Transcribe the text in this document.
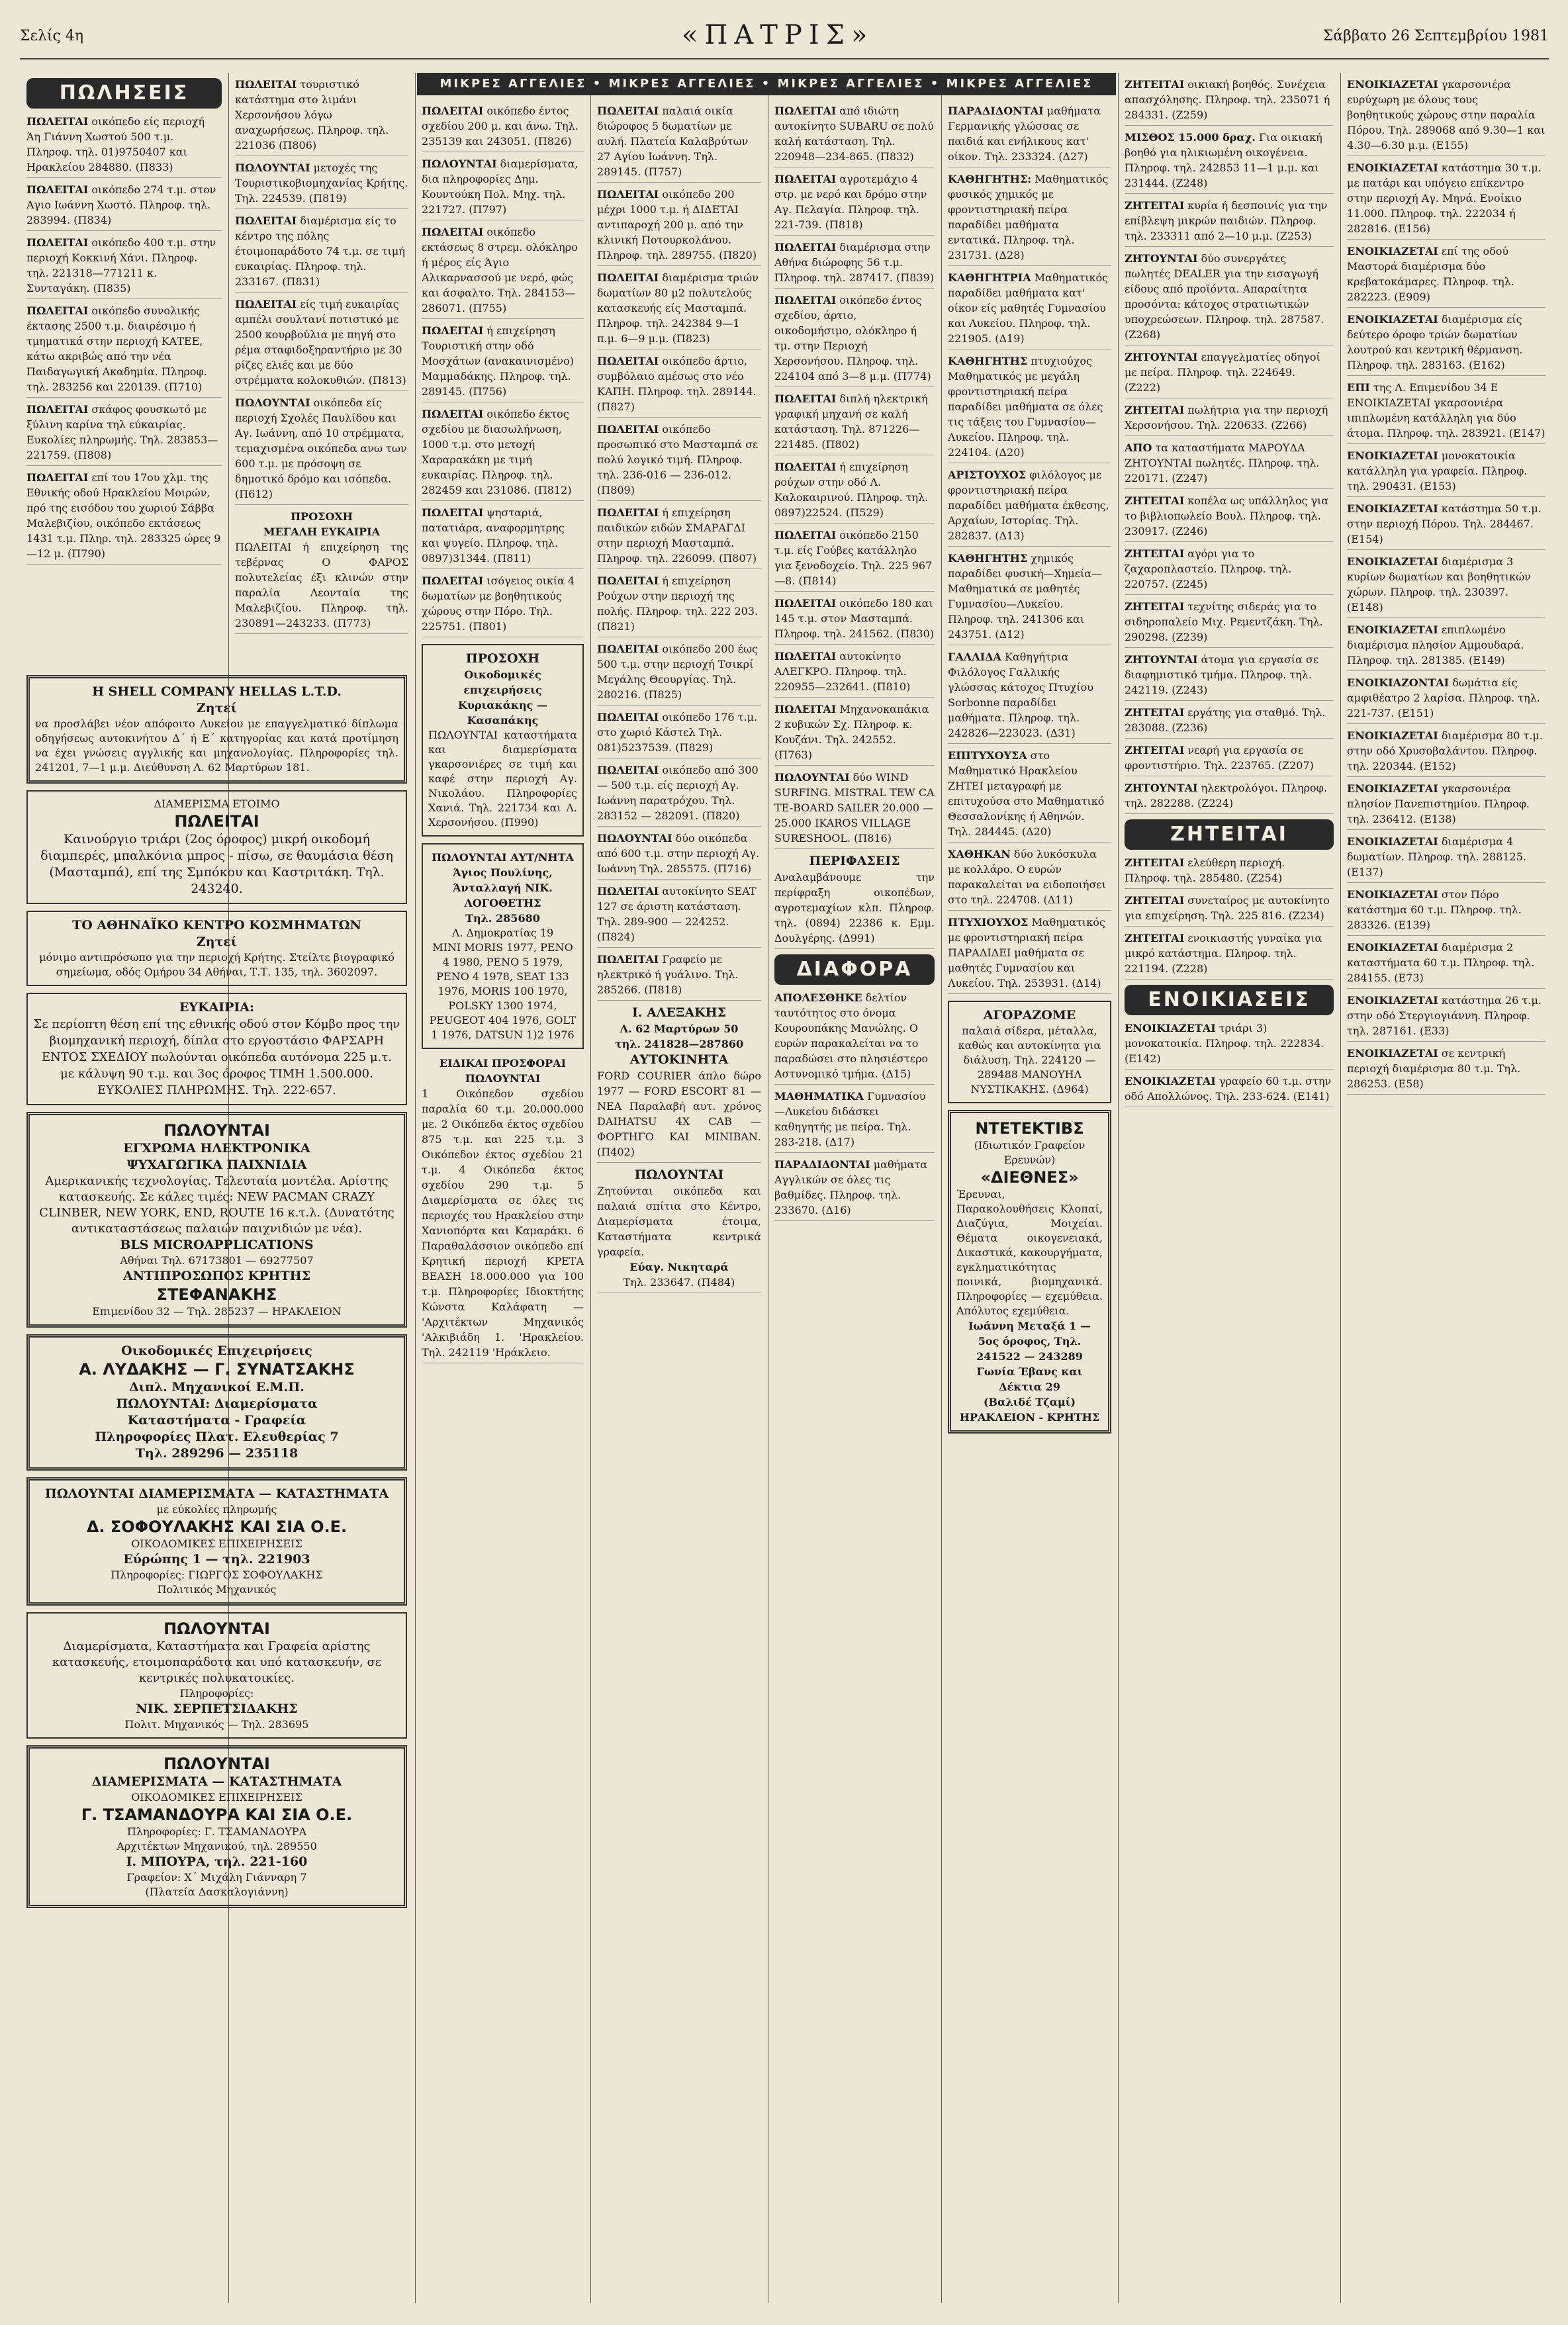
Σελίς 4η	«ΠΑΤΡΙΣ»	Σάββατο 26 Σεπτεμβρίου 1981
ΜΙΚΡΕΣ ΑΓΓΕΛΙΕΣ • ΜΙΚΡΕΣ ΑΓΓΕΛΙΕΣ • ΜΙΚΡΕΣ ΑΓΓΕΛΙΕΣ • ΜΙΚΡΕΣ ΑΓΓΕΛΙΕΣ
ΠΩΛΗΣΕΙΣ
ΠΩΛΕΙΤΑΙ οικόπεδο είς περιοχή Άη Γιάννη Χωστού 500 τ.μ. Πληροφ. τηλ. 01)9750407 και Ηρακλείου 284880. (Π833)
ΠΩΛΕΙΤΑΙ οικόπεδο 274 τ.μ. στον Αγιο Ιωάννη Χωστό. Πληροφ. τηλ. 283994. (Π834)
ΠΩΛΕΙΤΑΙ οικόπεδο 400 τ.μ. στην περιοχή Κοκκινή Χάνι. Πληροφ. τηλ. 221318—771211 κ. Συνταγάκη. (Π835)
ΠΩΛΕΙΤΑΙ οικόπεδο συνολικής έκτασης 2500 τ.μ. διαιρέσιμο ή τμηματικά στην περιοχή ΚΑΤΕΕ, κάτω ακριβώς από την νέα Παιδαγωγική Ακαδημία. Πληροφ. τηλ. 283256 και 220139. (Π710)
ΠΩΛΕΙΤΑΙ σκάφος φουσκωτό με ξύλινη καρίνα τηλ εύκαιρίας. Ευκολίες πληρωμής. Τηλ. 283853—221759. (Π808)
ΠΩΛΕΙΤΑΙ επί του 17ου χλμ. της Εθνικής οδού Ηρακλείου Μοιρών, πρό της εισόδου του χωριού Σάββα Μαλεβιζίου, οικόπεδο εκτάσεως 1431 τ.μ. Πληρ. τηλ. 283325 ώρες 9—12 μ. (Π790)
Η SHELL COMPANY HELLAS L.T.D.
Ζητεί
να προσλάβει νέον απόφοιτο Λυκείου με επαγγελματικό δίπλωμα οδηγήσεως αυτοκινήτου Δ΄ ή Ε΄ κατηγορίας και κατά προτίμηση να έχει γνώσεις αγγλικής και μηχανολογίας. Πληροφορίες τηλ. 241201, 7—1 μ.μ. Διεύθυνση Λ. 62 Μαρτύρων 181.
ΔΙΑΜΕΡΙΣΜΑ ΕΤΟΙΜΟ
ΠΩΛΕΙΤΑΙ
Καινούργιο τριάρι (2ος όροφος) μικρή οικοδομή διαμπερές, μπαλκόνια μπρος - πίσω, σε θαυμάσια θέση (Μασταμπά), επί της Σμπόκου και Καστριτάκη. Τηλ. 243240.
ΤΟ ΑΘΗΝΑΪΚΟ ΚΕΝΤΡΟ ΚΟΣΜΗΜΑΤΩΝ
Ζητεί
μόνιμο αντιπρόσωπο για την περιοχή Κρήτης. Στείλτε βιογραφικό σημείωμα, οδός Ομήρου 34 Αθήναι, Τ.Τ. 135, τηλ. 3602097.
ΕΥΚΑΙΡΙΑ:
Σε περίοπτη θέση επί της εθνικής οδού στον Κόμβο προς την βιομηχανική περιοχή, δίπλα στο εργοστάσιο ΦΑΡΣΑΡΗ ΕΝΤΟΣ ΣΧΕΔΙΟΥ πωλούνται οικόπεδα αυτόνομα 225 μ.τ. με κάλυψη 90 τ.μ. και 3ος όροφος ΤΙΜΗ 1.500.000. ΕΥΚΟΛΙΕΣ ΠΛΗΡΩΜΗΣ. Τηλ. 222-657.
ΠΩΛΟΥΝΤΑΙ
ΕΓΧΡΩΜΑ ΗΛΕΚΤΡΟΝΙΚΑ
ΨΥΧΑΓΩΓΙΚΑ ΠΑΙΧΝΙΔΙΑ
Αμερικανικής τεχνολογίας. Τελευταία μοντέλα. Αρίστης κατασκευής. Σε κάλες τιμές: NEW PACMAN CRAZY CLINBER, NEW YORK, END, ROUTE 16 κ.τ.λ. (Δυνατότης αντικαταστάσεως παλαιών παιχνιδιών με νέα).
BLS MICROAPPLICATIONS
Αθήναι Τηλ. 67173801 — 69277507
ΑΝΤΙΠΡΟΣΩΠΟΣ ΚΡΗΤΗΣ
ΣΤΕΦΑΝΑΚΗΣ
Επιμενίδου 32 — Τηλ. 285237 — ΗΡΑΚΛΕΙΟΝ
Οικοδομικές Επιχειρήσεις
Α. ΛΥΔΑΚΗΣ — Γ. ΣΥΝΑΤΣΑΚΗΣ
Διπλ. Μηχανικοί Ε.Μ.Π.
ΠΩΛΟΥΝΤΑΙ: Διαμερίσματα
Καταστήματα - Γραφεία
Πληροφορίες Πλατ. Ελευθερίας 7
Τηλ. 289296 — 235118
ΠΩΛΟΥΝΤΑΙ ΔΙΑΜΕΡΙΣΜΑΤΑ — ΚΑΤΑΣΤΗΜΑΤΑ
με εύκολίες πληρωμής
Δ. ΣΟΦΟΥΛΑΚΗΣ ΚΑΙ ΣΙΑ Ο.Ε.
ΟΙΚΟΔΟΜΙΚΕΣ ΕΠΙΧΕΙΡΗΣΕΙΣ
Εύρώπης 1 — τηλ. 221903
Πληροφορίες: ΓΙΩΡΓΟΣ ΣΟΦΟΥΛΑΚΗΣ
Πολιτικός Μηχανικός
ΠΩΛΟΥΝΤΑΙ
Διαμερίσματα, Καταστήματα και Γραφεία αρίστης κατασκευής, ετοιμοπαράδοτα και υπό κατασκευήν, σε κεντρικές πολυκατοικίες.
Πληροφορίες:
ΝΙΚ. ΣΕΡΠΕΤΣΙΔΑΚΗΣ
Πολιτ. Μηχανικός — Τηλ. 283695
ΠΩΛΟΥΝΤΑΙ
ΔΙΑΜΕΡΙΣΜΑΤΑ — ΚΑΤΑΣΤΗΜΑΤΑ
ΟΙΚΟΔΟΜΙΚΕΣ ΕΠΙΧΕΙΡΗΣΕΙΣ
Γ. ΤΣΑΜΑΝΔΟΥΡΑ ΚΑΙ ΣΙΑ Ο.Ε.
Πληροφορίες: Γ. ΤΣΑΜΑΝΔΟΥΡΑ
Αρχιτέκτων Μηχανικού, τηλ. 289550
Ι. ΜΠΟΥΡΑ, τηλ. 221-160
Γραφείον: Χ΄ Μιχάλη Γιάνναρη 7
(Πλατεία Δασκαλογιάννη)
ΠΩΛΕΙΤΑΙ τουριστικό κατάστημα στο λιμάνι Χερσονήσου λόγω αναχωρήσεως. Πληροφ. τηλ. 221036 (Π806)
ΠΩΛΟΥΝΤΑΙ μετοχές της Τουριστικοβιομηχανίας Κρήτης. Τηλ. 224539. (Π819)
ΠΩΛΕΙΤΑΙ διαμέρισμα είς το κέντρο της πόλης έτοιμοπαράδοτο 74 τ.μ. σε τιμή ευκαιρίας. Πληροφ. τηλ. 233167. (Π831)
ΠΩΛΕΙΤΑΙ είς τιμή ευκαιρίας αμπέλι σουλτανί ποτιστικό με 2500 κουρβούλια με πηγή στο ρέμα σταφιδοξηραντήριο με 30 ρίζες ελιές και με δύο στρέμματα κολοκυθιών. (Π813)
ΠΩΛΟΥΝΤΑΙ οικόπεδα είς περιοχή Σχολές Παυλίδου και Αγ. Ιωάννη, από 10 στρέμματα, τεμαχισμένα οικόπεδα ανω των 600 τ.μ. με πρόσοψη σε δημοτικό δρόμο και ισόπεδα. (Π612)
ΠΡΟΣΟΧΗ
ΜΕΓΑΛΗ ΕΥΚΑΙΡΙΑ
ΠΩΛΕΙΤΑΙ ή επιχείρηση της τεβέρνας Ο ΦΑΡΟΣ πολυτελείας έξι κλινών στην παραλία Λεονταία της Μαλεβιζίου. Πληροφ. τηλ. 230891—243233. (Π773)
ΠΩΛΕΙΤΑΙ οικόπεδο έντος σχεδίου 200 μ. και άνω. Τηλ. 235139 και 243051. (Π826)
ΠΩΛΟΥΝΤΑΙ διαμερίσματα, δια πληροφορίες Δημ. Κουντούκη Πολ. Μηχ. τηλ. 221727. (Π797)
ΠΩΛΕΙΤΑΙ οικόπεδο εκτάσεως 8 στρεμ. ολόκληρο ή μέρος είς Άγιο Αλικαρνασσού με νερό, φώς και άσφαλτο. Τηλ. 284153—286071. (Π755)
ΠΩΛΕΙΤΑΙ ή επιχείρηση Τουριστική στην οδό Μοσχάτων (ανακαινισμένο) Μαμμαδάκης. Πληροφ. τηλ. 289145. (Π756)
ΠΩΛΕΙΤΑΙ οικόπεδο έκτος σχεδίου με διασωλήνωση, 1000 τ.μ. στο μετοχή Χαραρακάκη με τιμή ευκαιρίας. Πληροφ. τηλ. 282459 και 231086. (Π812)
ΠΩΛΕΙΤΑΙ ψησταριά, πατατιάρα, αναφορμητρης και ψυγείο. Πληροφ. τηλ. 0897)31344. (Π811)
ΠΩΛΕΙΤΑΙ ισόγειος οικία 4 δωματίων με βοηθητικούς χώρους στην Πόρο. Τηλ. 225751. (Π801)
ΠΡΟΣΟΧΗ
Οικοδομικές επιχειρήσεις Κυριακάκης — Κασαπάκης
ΠΩΛΟΥΝΤΑΙ καταστήματα και διαμερίσματα γκαρσονιέρες σε τιμή και καφέ στην περιοχή Αγ. Νικολάου. Πληροφορίες Χανιά. Τηλ. 221734 και Λ. Χερσονήσου. (Π990)
ΠΩΛΟΥΝΤΑΙ ΑΥΤ/ΝΗΤΑ
Άγιος Πουλίνης, Άνταλλαγή ΝΙΚ. ΛΟΓΟΘΕΤΗΣ
Τηλ. 285680
Λ. Δημοκρατίας 19
MINI MORIS 1977, PENO 4 1980, PENO 5 1979, PENO 4 1978, SEAT 133 1976, MORIS 100 1970, POLSKY 1300 1974, PEUGEOT 404 1976, GOLT 1 1976, DATSUN 1)2 1976
ΕΙΔΙΚΑΙ ΠΡΟΣΦΟΡΑΙ ΠΩΛΟΥΝΤΑΙ
1 Οικόπεδον σχεδίου παραλία 60 τ.μ. 20.000.000 με. 2 Οικόπεδα έκτος σχεδίου 875 τ.μ. και 225 τ.μ. 3 Οικόπεδον έκτος σχεδίου 21 τ.μ. 4 Οικόπεδα έκτος σχεδίου 290 τ.μ. 5 Διαμερίσματα σε όλες τις περιοχές του Ηρακλείου στην Χανιοπόρτα και Καμαράκι. 6 Παραθαλάσσιον οικόπεδο επί Κρητική περιοχή ΚΡΕΤΑ ΒΕΑΣΗ 18.000.000 για 100 τ.μ. Πληροφορίες Ιδιοκτήτης Κώνστα Καλάφατη — 'Αρχιτέκτων Μηχανικός 'Αλκιβιάδη 1. 'Ηρακλείου. Τηλ. 242119 'Ηράκλειο.
ΠΩΛΕΙΤΑΙ παλαιά οικία διώροφος 5 δωματίων με αυλή. Πλατεία Καλαβρύτων 27 Αγίου Ιωάννη. Τηλ. 289145. (Π757)
ΠΩΛΕΙΤΑΙ οικόπεδο 200 μέχρι 1000 τ.μ. ή ΔΙΔΕΤΑΙ αντιπαροχή 200 μ. από την κλινική Ποτουρκολάνου. Πληροφ. τηλ. 289755. (Π820)
ΠΩΛΕΙΤΑΙ διαμέρισμα τριών δωματίων 80 μ2 πολυτελούς κατασκευής είς Μασταμπά. Πληροφ. τηλ. 242384 9—1 π.μ. 6—9 μ.μ. (Π823)
ΠΩΛΕΙΤΑΙ οικόπεδο άρτιο, συμβόλαιο αμέσως στο νέο ΚΑΠΗ. Πληροφ. τηλ. 289144. (Π827)
ΠΩΛΕΙΤΑΙ οικόπεδο προσωπικό στο Μασταμπά σε πολύ λογικό τιμή. Πληροφ. τηλ. 236-016 — 236-012. (Π809)
ΠΩΛΕΙΤΑΙ ή επιχείρηση παιδικών ειδών ΣΜΑΡΑΓΔΙ στην περιοχή Μασταμπά. Πληροφ. τηλ. 226099. (Π807)
ΠΩΛΕΙΤΑΙ ή επιχείρηση Ρούχων στην περιοχή της πολής. Πληροφ. τηλ. 222 203. (Π821)
ΠΩΛΕΙΤΑΙ οικόπεδο 200 έως 500 τ.μ. στην περιοχή Τσικρί Μεγάλης Θεουργίας. Τηλ. 280216. (Π825)
ΠΩΛΕΙΤΑΙ οικόπεδο 176 τ.μ. στο χωριό Κάστελ Τηλ. 081)5237539. (Π829)
ΠΩΛΕΙΤΑΙ οικόπεδο από 300 — 500 τ.μ. είς περιοχή Αγ. Ιωάννη παρατρόχου. Τηλ. 283152 — 282091. (Π820)
ΠΩΛΟΥΝΤΑΙ δύο οικόπεδα από 600 τ.μ. στην περιοχή Αγ. Ιωάννη Τηλ. 285575. (Π716)
ΠΩΛΕΙΤΑΙ αυτοκίνητο SEAT 127 σε άριστη κατάσταση. Τηλ. 289-900 — 224252. (Π824)
ΠΩΛΕΙΤΑΙ Γραφείο με ηλεκτρικό ή γυάλινο. Τηλ. 285266. (Π818)
Ι. ΑΛΕΞΑΚΗΣ
Λ. 62 Μαρτύρων 50
τηλ. 241828—287860
ΑΥΤΟΚΙΝΗΤΑ
FORD COURIER άπλο δώρο 1977 — FORD ESCORT 81 — ΝΕΑ Παραλαβή αυτ. χρόνος DAIHATSU 4X CAB — ΦΟΡΤΗΓΟ ΚΑΙ ΜΙΝΙΒΑΝ. (Π402)
ΠΩΛΟΥΝΤΑΙ
Ζητούνται οικόπεδα και παλαιά σπίτια στο Κέντρο, Διαμερίσματα έτοιμα, Καταστήματα κεντρικά γραφεία.
Εύαγ. Νικηταρά
Τηλ. 233647. (Π484)
ΠΩΛΕΙΤΑΙ από ιδιώτη αυτοκίνητο SUBARU σε πολύ καλή κατάσταση. Τηλ. 220948—234-865. (Π832)
ΠΩΛΕΙΤΑΙ αγροτεμάχιο 4 στρ. με νερό και δρόμο στην Αγ. Πελαγία. Πληροφ. τηλ. 221-739. (Π818)
ΠΩΛΕΙΤΑΙ διαμέρισμα στην Αθήνα διώροφης 56 τ.μ. Πληροφ. τηλ. 287417. (Π839)
ΠΩΛΕΙΤΑΙ οικόπεδο έντος σχεδίου, άρτιο, οικοδομήσιμο, ολόκληρο ή τμ. στην Περιοχή Χερσονήσου. Πληροφ. τηλ. 224104 από 3—8 μ.μ. (Π774)
ΠΩΛΕΙΤΑΙ διπλή ηλεκτρική γραφική μηχανή σε καλή κατάσταση. Τηλ. 871226—221485. (Π802)
ΠΩΛΕΙΤΑΙ ή επιχείρηση ρούχων στην οδό Λ. Καλοκαιρινού. Πληροφ. τηλ. 0897)22524. (Π529)
ΠΩΛΕΙΤΑΙ οικόπεδο 2150 τ.μ. είς Γούβες κατάλληλο για ξενοδοχείο. Τηλ. 225 967—8. (Π814)
ΠΩΛΕΙΤΑΙ οικόπεδο 180 και 145 τ.μ. στον Μασταμπά. Πληροφ. τηλ. 241562. (Π830)
ΠΩΛΕΙΤΑΙ αυτοκίνητο ΑΛΕΓΚΡΟ. Πληροφ. τηλ. 220955—232641. (Π810)
ΠΩΛΕΙΤΑΙ Μηχανοκαπάκια 2 κυβικών Σχ. Πληροφ. κ. Κουζάνι. Τηλ. 242552. (Π763)
ΠΩΛΟΥΝΤΑΙ δύο WIND SURFING. MISTRAL TEW CA TE-BOARD SAILER 20.000 — 25.000 IKAROS VILLAGE SURESHOOL. (Π816)
ΠΕΡΙΦΑΣΕΙΣ
Αναλαμβάνουμε την περίφραξη οικοπέδων, αγροτεμαχίων κλπ. Πληροφ. τηλ. (0894) 22386 κ. Εμμ. Δουλγέρης. (Δ991)
ΔΙΑΦΟΡΑ
ΑΠΟΛΕΣΘΗΚΕ δελτίον ταυτότητος στο όνομα Κουρουπάκης Μανώλης. Ο ευρών παρακαλείται να το παραδώσει στο πλησιέστερο Αστυνομικό τμήμα. (Δ15)
ΜΑΘΗΜΑΤΙΚΑ Γυμνασίου—Λυκείου διδάσκει καθηγητής με πείρα. Τηλ. 283-218. (Δ17)
ΠΑΡΑΔΙΔΟΝΤΑΙ μαθήματα Αγγλικών σε όλες τις βαθμίδες. Πληροφ. τηλ. 233670. (Δ16)
ΠΑΡΑΔΙΔΟΝΤΑΙ μαθήματα Γερμανικής γλώσσας σε παιδιά και ενήλικους κατ' οίκον. Τηλ. 233324. (Δ27)
ΚΑΘΗΓΗΤΗΣ: Μαθηματικός φυσικός χημικός με φροντιστηριακή πείρα παραδίδει μαθήματα εντατικά. Πληροφ. τηλ. 231731. (Δ28)
ΚΑΘΗΓΗΤΡΙΑ Μαθηματικός παραδίδει μαθήματα κατ' οίκον είς μαθητές Γυμνασίου και Λυκείου. Πληροφ. τηλ. 221905. (Δ19)
ΚΑΘΗΓΗΤΗΣ πτυχιούχος Μαθηματικός με μεγάλη φροντιστηριακή πείρα παραδίδει μαθήματα σε όλες τις τάξεις του Γυμνασίου—Λυκείου. Πληροφ. τηλ. 224104. (Δ20)
ΑΡΙΣΤΟΥΧΟΣ φιλόλογος με φροντιστηριακή πείρα παραδίδει μαθήματα έκθεσης, Αρχαίων, Ιστορίας. Τηλ. 282837. (Δ13)
ΚΑΘΗΓΗΤΗΣ χημικός παραδίδει φυσική—Χημεία—Μαθηματικά σε μαθητές Γυμνασίου—Λυκείου. Πληροφ. τηλ. 241306 και 243751. (Δ12)
ΓΑΛΛΙΔΑ Καθηγήτρια Φιλόλογος Γαλλικής γλώσσας κάτοχος Πτυχίου Sorbonne παραδίδει μαθήματα. Πληροφ. τηλ. 242826—223023. (Δ31)
ΕΠΙΤΥΧΟΥΣΑ στο Μαθηματικό Ηρακλείου ΖΗΤΕΙ μεταγραφή με επιτυχούσα στο Μαθηματικό Θεσσαλονίκης ή Αθηνών. Τηλ. 284445. (Δ20)
ΧΑΘΗΚΑΝ δύο λυκόσκυλα με κολλάρο. Ο ευρών παρακαλείται να ειδοποιήσει στο τηλ. 224708. (Δ11)
ΠΤΥΧΙΟΥΧΟΣ Μαθηματικός με φροντιστηριακή πείρα ΠΑΡΑΔΙΔΕΙ μαθήματα σε μαθητές Γυμνασίου και Λυκείου. Τηλ. 253931. (Δ14)
ΑΓΟΡΑΖΟΜΕ
παλαιά σίδερα, μέταλλα, καθώς και αυτοκίνητα για διάλυση. Τηλ. 224120 — 289488 ΜΑΝΟΥΗΛ ΝΥΣΤΙΚΑΚΗΣ. (Δ964)
ΝΤΕΤΕΚΤΙΒΣ
(Ιδιωτικόν Γραφείον Ερευνών)
«ΔΙΕΘΝΕΣ»
Έρευναι, Παρακολουθήσεις Κλοπαί, Διαζύγια, Μοιχείαι. Θέματα οικογενειακά, Δικαστικά, κακουργήματα, εγκληματικότητας ποινικά, βιομηχανικά. Πληροφορίες — εχεμύθεια. Απόλυτος εχεμύθεια.
Ιωάννη Μεταξά 1 — 5ος όροφος, Τηλ. 241522 — 243289
Γωνία Έβανς και Δέκτια 29
(Βαλιδέ Τζαμί)
ΗΡΑΚΛΕΙΟΝ - ΚΡΗΤΗΣ
ΖΗΤΕΙΤΑΙ οικιακή βοηθός. Συνέχεια απασχόλησης. Πληροφ. τηλ. 235071 ή 284331. (Ζ259)
ΜΙΣΘΟΣ 15.000 δραχ. Για οικιακή βοηθό για ηλικιωμένη οικογένεια. Πληροφ. τηλ. 242853 11—1 μ.μ. και 231444. (Ζ248)
ΖΗΤΕΙΤΑΙ κυρία ή δεσποινίς για την επίβλεψη μικρών παιδιών. Πληροφ. τηλ. 233311 από 2—10 μ.μ. (Ζ253)
ΖΗΤΟΥΝΤΑΙ δύο συνεργάτες πωλητές DEALER για την εισαγωγή είδους από προϊόντα. Απαραίτητα προσόντα: κάτοχος στρατιωτικών υποχρεώσεων. Πληροφ. τηλ. 287587. (Ζ268)
ΖΗΤΟΥΝΤΑΙ επαγγελματίες οδηγοί με πείρα. Πληροφ. τηλ. 224649. (Ζ222)
ΖΗΤΕΙΤΑΙ πωλήτρια για την περιοχή Χερσονήσου. Τηλ. 220633. (Ζ266)
ΑΠΟ τα καταστήματα ΜΑΡΟΥΔΑ ΖΗΤΟΥΝΤΑΙ πωλητές. Πληροφ. τηλ. 220171. (Ζ247)
ΖΗΤΕΙΤΑΙ κοπέλα ως υπάλληλος για το βιβλιοπωλείο Βουλ. Πληροφ. τηλ. 230917. (Ζ246)
ΖΗΤΕΙΤΑΙ αγόρι για το ζαχαροπλαστείο. Πληροφ. τηλ. 220757. (Ζ245)
ΖΗΤΕΙΤΑΙ τεχνίτης σιδεράς για το σιδηροπαλείο Μιχ. Ρεμεντζάκη. Τηλ. 290298. (Ζ239)
ΖΗΤΟΥΝΤΑΙ άτομα για εργασία σε διαφημιστικό τμήμα. Πληροφ. τηλ. 242119. (Ζ243)
ΖΗΤΕΙΤΑΙ εργάτης για σταθμό. Τηλ. 283088. (Ζ236)
ΖΗΤΕΙΤΑΙ νεαρή για εργασία σε φροντιστήριο. Τηλ. 223765. (Ζ207)
ΖΗΤΟΥΝΤΑΙ ηλεκτρολόγοι. Πληροφ. τηλ. 282288. (Ζ224)
ΖΗΤΕΙΤΑΙ
ΖΗΤΕΙΤΑΙ ελεύθερη περιοχή. Πληροφ. τηλ. 285480. (Ζ254)
ΖΗΤΕΙΤΑΙ συνεταίρος με αυτοκίνητο για επιχείρηση. Τηλ. 225 816. (Ζ234)
ΖΗΤΕΙΤΑΙ ενοικιαστής γυναίκα για μικρό κατάστημα. Πληροφ. τηλ. 221194. (Ζ228)
ΕΝΟΙΚΙΑΣΕΙΣ
ΕΝΟΙΚΙΑΖΕΤΑΙ τριάρι 3) μονοκατοικία. Πληροφ. τηλ. 222834. (Ε142)
ΕΝΟΙΚΙΑΖΕΤΑΙ γραφείο 60 τ.μ. στην οδό Απολλώνος. Τηλ. 233-624. (Ε141)
ΕΝΟΙΚΙΑΖΕΤΑΙ γκαρσονιέρα ευρύχωρη με όλους τους βοηθητικούς χώρους στην παραλία Πόρου. Τηλ. 289068 από 9.30—1 και 4.30—6.30 μ.μ. (Ε155)
ΕΝΟΙΚΙΑΖΕΤΑΙ κατάστημα 30 τ.μ. με πατάρι και υπόγειο επίκεντρο στην περιοχή Αγ. Μηνά. Ενοίκιο 11.000. Πληροφ. τηλ. 222034 ή 282816. (Ε156)
ΕΝΟΙΚΙΑΖΕΤΑΙ επί της οδού Μαστορά διαμέρισμα δύο κρεβατοκάμαρες. Πληροφ. τηλ. 282223. (Ε909)
ΕΝΟΙΚΙΑΖΕΤΑΙ διαμέρισμα είς δεύτερο όροφο τριών δωματίων λουτρού και κεντρική θέρμανση. Πληροφ. τηλ. 283163. (Ε162)
ΕΠΙ της Λ. Επιμενίδου 34 Ε ΕΝΟΙΚΙΑΖΕΤΑΙ γκαρσονιέρα ιπιπλωμένη κατάλληλη για δύο άτομα. Πληροφ. τηλ. 283921. (Ε147)
ΕΝΟΙΚΙΑΖΕΤΑΙ μονοκατοικία κατάλληλη για γραφεία. Πληροφ. τηλ. 290431. (Ε153)
ΕΝΟΙΚΙΑΖΕΤΑΙ κατάστημα 50 τ.μ. στην περιοχή Πόρου. Τηλ. 284467. (Ε154)
ΕΝΟΙΚΙΑΖΕΤΑΙ διαμέρισμα 3 κυρίων δωματίων και βοηθητικών χώρων. Πληροφ. τηλ. 230397. (Ε148)
ΕΝΟΙΚΙΑΖΕΤΑΙ επιπλωμένο διαμέρισμα πλησίον Αμμουδαρά. Πληροφ. τηλ. 281385. (Ε149)
ΕΝΟΙΚΙΑΖΟΝΤΑΙ δωμάτια είς αμφιθέατρο 2 λαρίσα. Πληροφ. τηλ. 221-737. (Ε151)
ΕΝΟΙΚΙΑΖΕΤΑΙ διαμέρισμα 80 τ.μ. στην οδό Χρυσοβαλάντου. Πληροφ. τηλ. 220344. (Ε152)
ΕΝΟΙΚΙΑΖΕΤΑΙ γκαρσονιέρα πλησίον Πανεπιστημίου. Πληροφ. τηλ. 236412. (Ε138)
ΕΝΟΙΚΙΑΖΕΤΑΙ διαμέρισμα 4 δωματίων. Πληροφ. τηλ. 288125. (Ε137)
ΕΝΟΙΚΙΑΖΕΤΑΙ στον Πόρο κατάστημα 60 τ.μ. Πληροφ. τηλ. 283326. (Ε139)
ΕΝΟΙΚΙΑΖΕΤΑΙ διαμέρισμα 2 καταστήματα 60 τ.μ. Πληροφ. τηλ. 284155. (Ε73)
ΕΝΟΙΚΙΑΖΕΤΑΙ κατάστημα 26 τ.μ. στην οδό Στεργιογιάννη. Πληροφ. τηλ. 287161. (Ε33)
ΕΝΟΙΚΙΑΖΕΤΑΙ σε κεντρική περιοχή διαμέρισμα 80 τ.μ. Τηλ. 286253. (Ε58)
